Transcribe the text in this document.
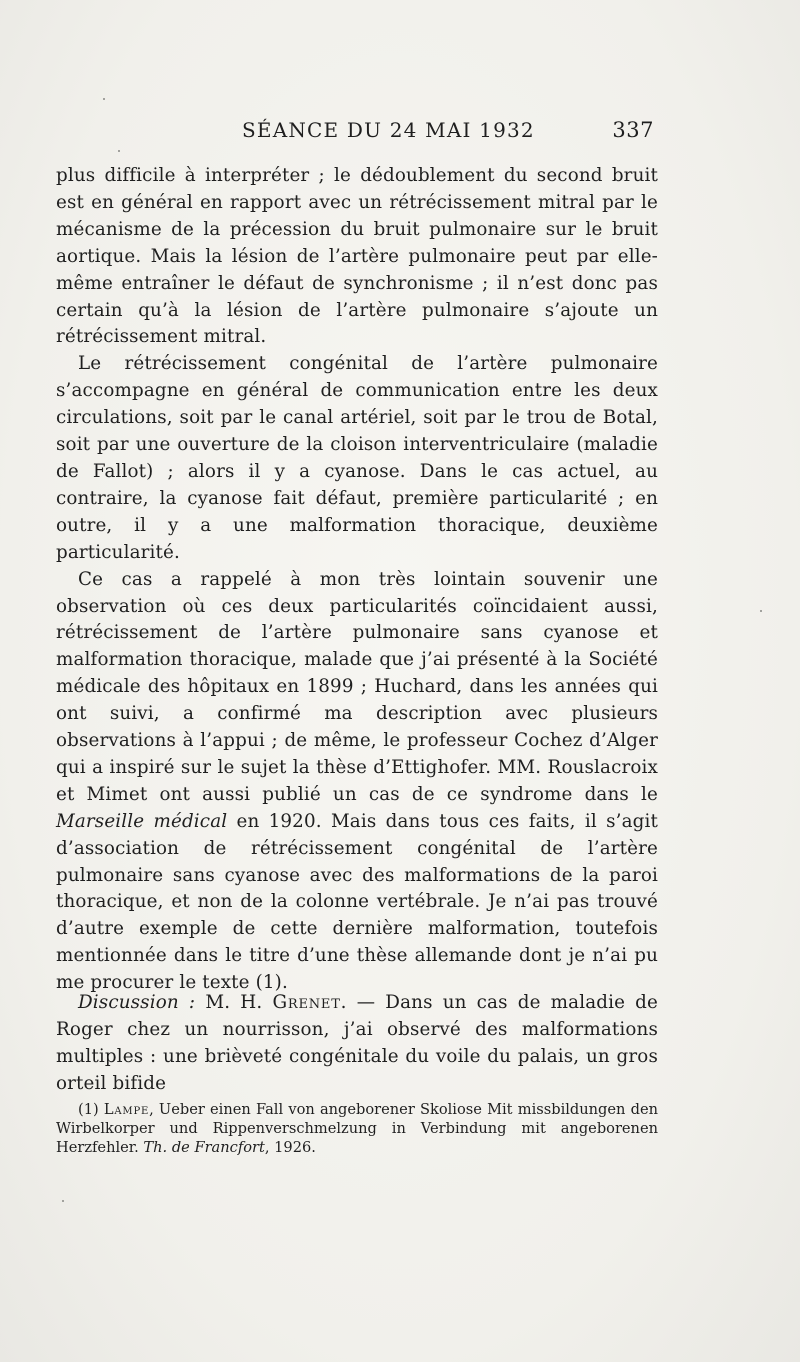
SÉANCE DU 24 MAI 1932	337

plus difficile à interpréter ; le dédoublement du second bruit est en général en rapport avec un rétrécissement mitral par le mécanisme de la précession du bruit pulmonaire sur le bruit aortique. Mais la lésion de l’artère pulmonaire peut par elle-même entraîner le défaut de synchronisme ; il n’est donc pas certain qu’à la lésion de l’artère pulmonaire s’ajoute un rétrécissement mitral.

Le rétrécissement congénital de l’artère pulmonaire s’accompagne en général de communication entre les deux circulations, soit par le canal artériel, soit par le trou de Botal, soit par une ouverture de la cloison interventriculaire (maladie de Fallot) ; alors il y a cyanose. Dans le cas actuel, au contraire, la cyanose fait défaut, première particularité ; en outre, il y a une malformation thoracique, deuxième particularité.

Ce cas a rappelé à mon très lointain souvenir une observation où ces deux particularités coïncidaient aussi, rétrécissement de l’artère pulmonaire sans cyanose et malformation thoracique, malade que j’ai présenté à la Société médicale des hôpitaux en 1899 ; Huchard, dans les années qui ont suivi, a confirmé ma description avec plusieurs observations à l’appui ; de même, le professeur Cochez d’Alger qui a inspiré sur le sujet la thèse d’Ettighofer. MM. Rouslacroix et Mimet ont aussi publié un cas de ce syndrome dans le Marseille médical en 1920. Mais dans tous ces faits, il s’agit d’association de rétrécissement congénital de l’artère pulmonaire sans cyanose avec des malformations de la paroi thoracique, et non de la colonne vertébrale. Je n’ai pas trouvé d’autre exemple de cette dernière malformation, toutefois mentionnée dans le titre d’une thèse allemande dont je n’ai pu me procurer le texte (1).

Discussion : M. H. Grenet. — Dans un cas de maladie de Roger chez un nourrisson, j’ai observé des malformations multiples : une brièveté congénitale du voile du palais, un gros orteil bifide

(1) Lampe, Ueber einen Fall von angeborener Skoliose Mit missbildungen den Wirbelkorper und Rippenverschmelzung in Verbindung mit angeborenen Herzfehler. Th. de Francfort, 1926.
